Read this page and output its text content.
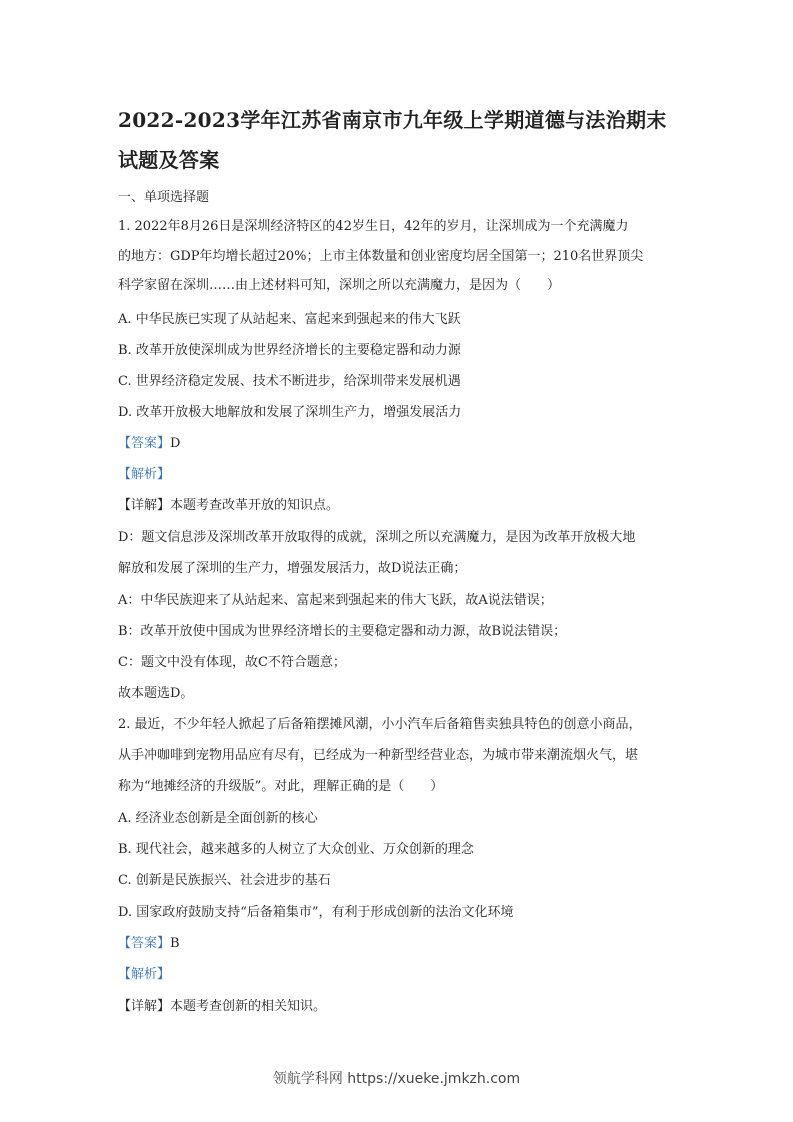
2022-2023学年江苏省南京市九年级上学期道德与法治期末
试题及答案
一、单项选择题
1. 2022年8月26日是深圳经济特区的42岁生日，42年的岁月，让深圳成为一个充满魔力
的地方：GDP年均增长超过20%；上市主体数量和创业密度均居全国第一；210名世界顶尖
科学家留在深圳……由上述材料可知，深圳之所以充满魔力，是因为（　　）
A. 中华民族已实现了从站起来、富起来到强起来的伟大飞跃
B. 改革开放使深圳成为世界经济增长的主要稳定器和动力源
C. 世界经济稳定发展、技术不断进步，给深圳带来发展机遇
D. 改革开放极大地解放和发展了深圳生产力，增强发展活力
【答案】D
【解析】
【详解】本题考查改革开放的知识点。
D：题文信息涉及深圳改革开放取得的成就，深圳之所以充满魔力，是因为改革开放极大地
解放和发展了深圳的生产力，增强发展活力，故D说法正确；
A：中华民族迎来了从站起来、富起来到强起来的伟大飞跃，故A说法错误；
B：改革开放使中国成为世界经济增长的主要稳定器和动力源，故B说法错误；
C：题文中没有体现，故C不符合题意；
故本题选D。
2. 最近，不少年轻人掀起了后备箱摆摊风潮，小小汽车后备箱售卖独具特色的创意小商品，
从手冲咖啡到宠物用品应有尽有，已经成为一种新型经营业态，为城市带来潮流烟火气，堪
称为“地摊经济的升级版”。对此，理解正确的是（　　）
A. 经济业态创新是全面创新的核心
B. 现代社会，越来越多的人树立了大众创业、万众创新的理念
C. 创新是民族振兴、社会进步的基石
D. 国家政府鼓励支持“后备箱集市”，有利于形成创新的法治文化环境
【答案】B
【解析】
【详解】本题考查创新的相关知识。
领航学科网 https://xueke.jmkzh.com
